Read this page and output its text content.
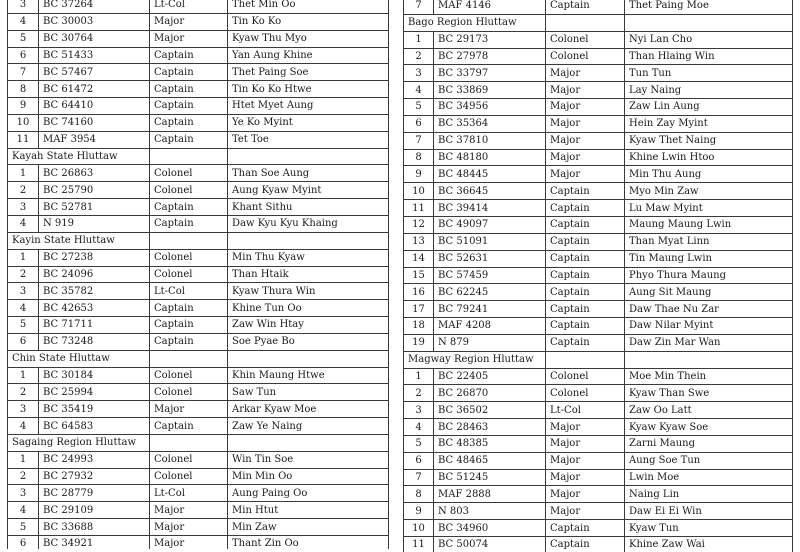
3	BC 37264	Lt-Col	Thet Min Oo
4	BC 30003	Major	Tin Ko Ko
5	BC 30764	Major	Kyaw Thu Myo
6	BC 51433	Captain	Yan Aung Khine
7	BC 57467	Captain	Thet Paing Soe
8	BC 61472	Captain	Tin Ko Ko Htwe
9	BC 64410	Captain	Htet Myet Aung
10	BC 74160	Captain	Ye Ko Myint
11	MAF 3954	Captain	Tet Toe
Kayah State Hluttaw			
1	BC 26863	Colonel	Than Soe Aung
2	BC 25790	Colonel	Aung Kyaw Myint
3	BC 52781	Captain	Khant Sithu
4	N 919	Captain	Daw Kyu Kyu Khaing
Kayin State Hluttaw			
1	BC 27238	Colonel	Min Thu Kyaw
2	BC 24096	Colonel	Than Htaik
3	BC 35782	Lt-Col	Kyaw Thura Win
4	BC 42653	Captain	Khine Tun Oo
5	BC 71711	Captain	Zaw Win Htay
6	BC 73248	Captain	Soe Pyae Bo
Chin State Hluttaw			
1	BC 30184	Colonel	Khin Maung Htwe
2	BC 25994	Colonel	Saw Tun
3	BC 35419	Major	Arkar Kyaw Moe
4	BC 64583	Captain	Zaw Ye Naing
Sagaing Region Hluttaw			
1	BC 24993	Colonel	Win Tin Soe
2	BC 27932	Colonel	Min Min Oo
3	BC 28779	Lt-Col	Aung Paing Oo
4	BC 29109	Major	Min Htut
5	BC 33688	Major	Min Zaw
6	BC 34921	Major	Thant Zin Oo
7	MAF 4146	Captain	Thet Paing Moe
Bago Region Hluttaw			
1	BC 29173	Colonel	Nyi Lan Cho
2	BC 27978	Colonel	Than Hlaing Win
3	BC 33797	Major	Tun Tun
4	BC 33869	Major	Lay Naing
5	BC 34956	Major	Zaw Lin Aung
6	BC 35364	Major	Hein Zay Myint
7	BC 37810	Major	Kyaw Thet Naing
8	BC 48180	Major	Khine Lwin Htoo
9	BC 48445	Major	Min Thu Aung
10	BC 36645	Captain	Myo Min Zaw
11	BC 39414	Captain	Lu Maw Myint
12	BC 49097	Captain	Maung Maung Lwin
13	BC 51091	Captain	Than Myat Linn
14	BC 52631	Captain	Tin Maung Lwin
15	BC 57459	Captain	Phyo Thura Maung
16	BC 62245	Captain	Aung Sit Maung
17	BC 79241	Captain	Daw Thae Nu Zar
18	MAF 4208	Captain	Daw Nilar Myint
19	N 879	Captain	Daw Zin Mar Wan
Magway Region Hluttaw			
1	BC 22405	Colonel	Moe Min Thein
2	BC 26870	Colonel	Kyaw Than Swe
3	BC 36502	Lt-Col	Zaw Oo Latt
4	BC 28463	Major	Kyaw Kyaw Soe
5	BC 48385	Major	Zarni Maung
6	BC 48465	Major	Aung Soe Tun
7	BC 51245	Major	Lwin Moe
8	MAF 2888	Major	Naing Lin
9	N 803	Major	Daw Ei Ei Win
10	BC 34960	Captain	Kyaw Tun
11	BC 50074	Captain	Khine Zaw Wai
